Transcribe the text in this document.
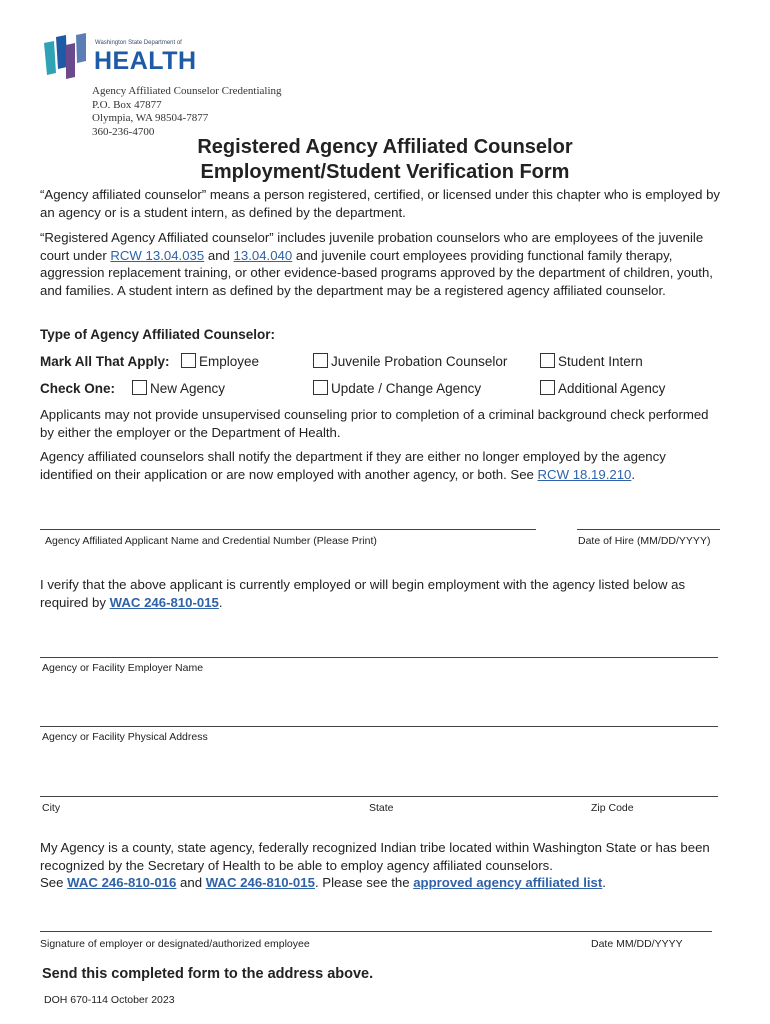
Washington State Department of
HEALTH
Agency Affiliated Counselor Credentialing
P.O. Box 47877
Olympia, WA 98504-7877
360-236-4700
Registered Agency Affiliated Counselor
Employment/Student Verification Form
“Agency affiliated counselor” means a person registered, certified, or licensed under this chapter who is employed by an agency or is a student intern, as defined by the department.
“Registered Agency Affiliated counselor” includes juvenile probation counselors who are employees of the juvenile court under RCW 13.04.035 and 13.04.040 and juvenile court employees providing functional family therapy, aggression replacement training, or other evidence-based programs approved by the department of children, youth, and families. A student intern as defined by the department may be a registered agency affiliated counselor.
Type of Agency Affiliated Counselor:
Mark All That Apply:	Employee	Juvenile Probation Counselor	Student Intern
Check One:	New Agency	Update / Change Agency	Additional Agency
Applicants may not provide unsupervised counseling prior to completion of a criminal background check performed by either the employer or the Department of Health.
Agency affiliated counselors shall notify the department if they are either no longer employed by the agency identified on their application or are now employed with another agency, or both. See RCW 18.19.210.
Agency Affiliated Applicant Name and Credential Number (Please Print)	Date of Hire (MM/DD/YYYY)
I verify that the above applicant is currently employed or will begin employment with the agency listed below as required by WAC 246-810-015.
Agency or Facility Employer Name
Agency or Facility Physical Address
City	State	Zip Code
My Agency is a county, state agency, federally recognized Indian tribe located within Washington State or has been recognized by the Secretary of Health to be able to employ agency affiliated counselors.
See WAC 246-810-016 and WAC 246-810-015. Please see the approved agency affiliated list.
Signature of employer or designated/authorized employee	Date MM/DD/YYYY
Send this completed form to the address above.
DOH 670-114 October 2023
